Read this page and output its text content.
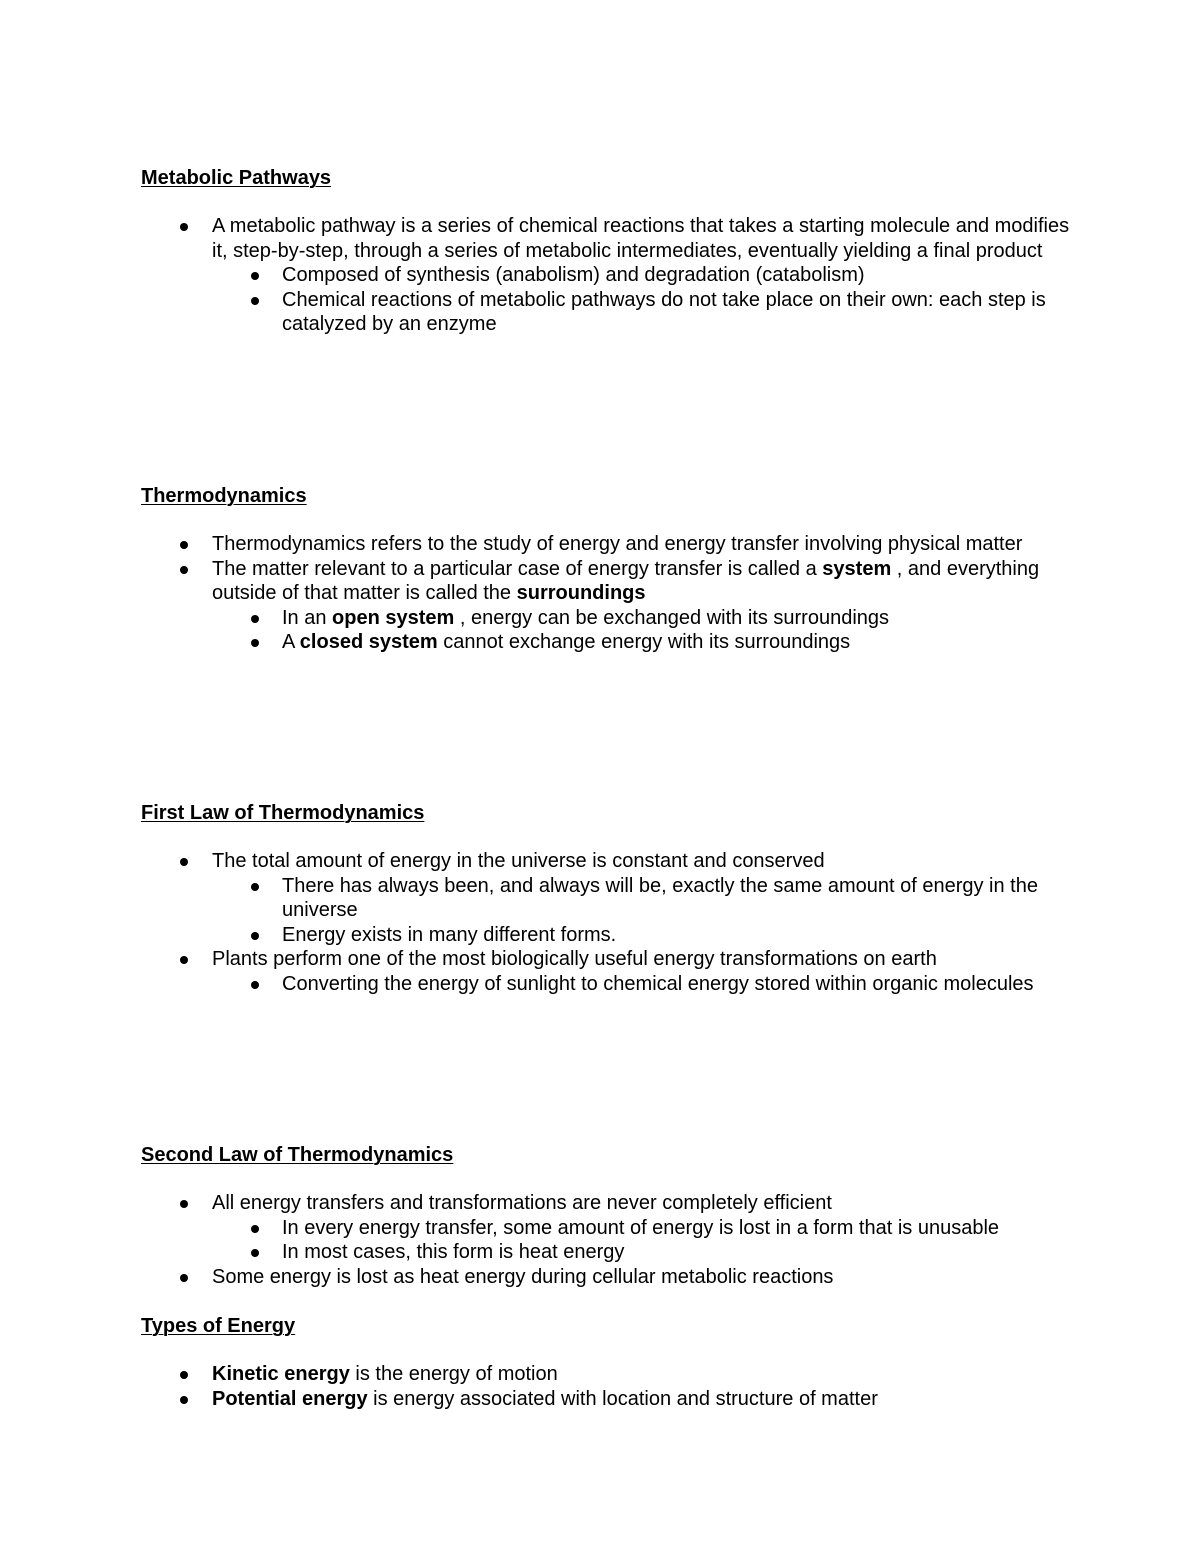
Metabolic Pathways
A metabolic pathway is a series of chemical reactions that takes a starting molecule and modifies it, step-by-step, through a series of metabolic intermediates, eventually yielding a final product
Composed of synthesis (anabolism) and degradation (catabolism)
Chemical reactions of metabolic pathways do not take place on their own: each step is catalyzed by an enzyme
Thermodynamics
Thermodynamics refers to the study of energy and energy transfer involving physical matter
The matter relevant to a particular case of energy transfer is called a system , and everything outside of that matter is called the surroundings
In an open system , energy can be exchanged with its surroundings
A closed system cannot exchange energy with its surroundings
First Law of Thermodynamics
The total amount of energy in the universe is constant and conserved
There has always been, and always will be, exactly the same amount of energy in the universe
Energy exists in many different forms.
Plants perform one of the most biologically useful energy transformations on earth
Converting the energy of sunlight to chemical energy stored within organic molecules
Second Law of Thermodynamics
All energy transfers and transformations are never completely efficient
In every energy transfer, some amount of energy is lost in a form that is unusable
In most cases, this form is heat energy
Some energy is lost as heat energy during cellular metabolic reactions
Types of Energy
Kinetic energy is the energy of motion
Potential energy is energy associated with location and structure of matter
